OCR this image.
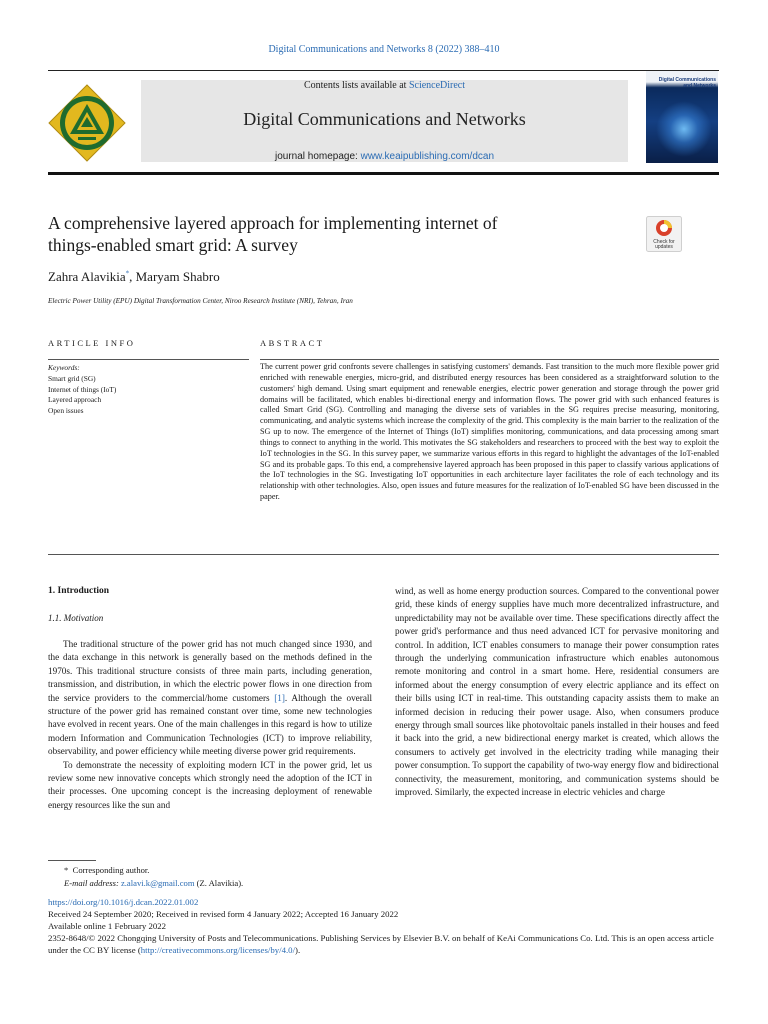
Digital Communications and Networks 8 (2022) 388–410
Contents lists available at ScienceDirect
Digital Communications and Networks
journal homepage: www.keaipublishing.com/dcan
Digital Communications
and Networks
A comprehensive layered approach for implementing internet of
things-enabled smart grid: A survey	Check for
updates
Zahra Alavikia*, Maryam Shabro
Electric Power Utility (EPU) Digital Transformation Center, Niroo Research Institute (NRI), Tehran, Iran
ARTICLE INFO	ABSTRACT
Keywords:
Smart grid (SG)
Internet of things (IoT)
Layered approach
Open issues
The current power grid confronts severe challenges in satisfying customers' demands. Fast transition to the much more flexible power grid enriched with renewable energies, micro-grid, and distributed energy resources has been considered as a straightforward solution to the customers' high demand. Using smart equipment and renewable energies, electric power generation and storage through the power grid domains will be facilitated, which enables bi-directional energy and information flows. The power grid with such enhanced features is called Smart Grid (SG). Controlling and managing the diverse sets of variables in the SG requires precise measuring, monitoring, communicating, and analytic systems which increase the complexity of the grid. This complexity is the main barrier to the realization of the SG up to now. The emergence of the Internet of Things (IoT) simplifies monitoring, communications, and data processing among smart things to connect to anything in the world. This motivates the SG stakeholders and researchers to proceed with the best way to exploit the IoT technologies in the SG. In this survey paper, we summarize various efforts in this regard to highlight the advantages of the IoT-enabled SG and its probable gaps. To this end, a comprehensive layered approach has been proposed in this paper to classify various applications of the IoT technologies in the SG. Investigating IoT opportunities in each architecture layer facilitates the role of each technology and its relationship with other technologies. Also, open issues and future measures for the realization of IoT-enabled SG have been discussed in the paper.
1. Introduction
1.1. Motivation

The traditional structure of the power grid has not much changed since 1930, and the data exchange in this network is generally based on the methods defined in the 1970s. This traditional structure consists of three main parts, including generation, transmission, and distribution, in which the electric power flows in one direction from the service providers to the commercial/home customers [1]. Although the overall structure of the power grid has remained constant over time, some new technologies have evolved in recent years. One of the main challenges in this regard is how to utilize modern Information and Communication Technologies (ICT) to improve reliability, observability, and power efficiency while meeting diverse power grid requirements.

To demonstrate the necessity of exploiting modern ICT in the power grid, let us review some new innovative concepts which strongly need the adoption of the ICT in their processes. One upcoming concept is the increasing deployment of renewable energy resources like the sun and

wind, as well as home energy production sources. Compared to the conventional power grid, these kinds of energy supplies have much more decentralized infrastructure, and unpredictability may not be available over time. These specifications directly affect the power grid's performance and thus need advanced ICT for pervasive monitoring and control. In addition, ICT enables consumers to manage their power consumption rates through the underlying communication infrastructure which enables autonomous remote monitoring and control in a smart home. Here, residential consumers are informed about the energy consumption of every electric appliance and its effect on their bills using ICT in real-time. This outstanding capacity assists them to make an informed decision in reducing their power usage. Also, when consumers produce energy through small sources like photovoltaic panels installed in their houses and feed it back into the grid, a new bidirectional energy market is created, which allows the consumers to actively get involved in the electricity trading while managing their power consumption. To support the capability of two-way energy flow and bidirectional connectivity, the measurement, monitoring, and communication systems should be improved. Similarly, the expected increase in electric vehicles and charge

* Corresponding author.
E-mail address: z.alavi.k@gmail.com (Z. Alavikia).
https://doi.org/10.1016/j.dcan.2022.01.002
Received 24 September 2020; Received in revised form 4 January 2022; Accepted 16 January 2022
Available online 1 February 2022
2352-8648/© 2022 Chongqing University of Posts and Telecommunications. Publishing Services by Elsevier B.V. on behalf of KeAi Communications Co. Ltd. This is an open access article under the CC BY license (http://creativecommons.org/licenses/by/4.0/).
